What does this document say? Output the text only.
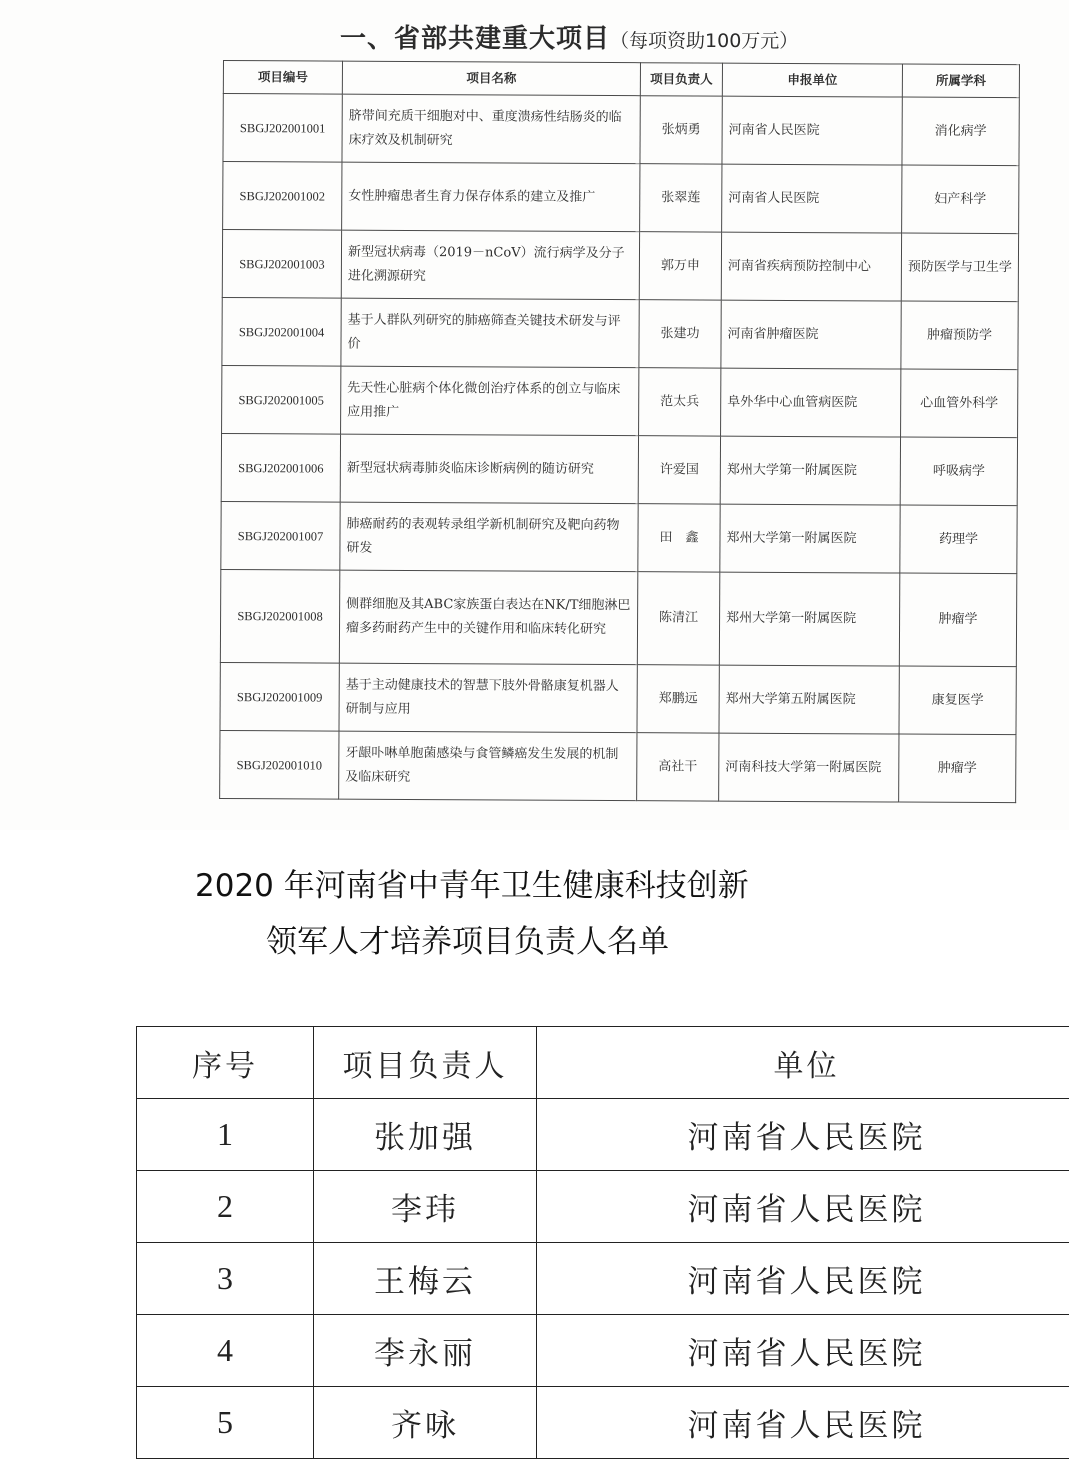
一、省部共建重大项目（每项资助100万元）
项目编号	项目名称	项目负责人	申报单位	所属学科
SBGJ202001001	脐带间充质干细胞对中、重度溃疡性结肠炎的临床疗效及机制研究	张炳勇	河南省人民医院	消化病学
SBGJ202001002	女性肿瘤患者生育力保存体系的建立及推广	张翠莲	河南省人民医院	妇产科学
SBGJ202001003	新型冠状病毒（2019－nCoV）流行病学及分子进化溯源研究	郭万申	河南省疾病预防控制中心	预防医学与卫生学
SBGJ202001004	基于人群队列研究的肺癌筛查关键技术研发与评价	张建功	河南省肿瘤医院	肿瘤预防学
SBGJ202001005	先天性心脏病个体化微创治疗体系的创立与临床应用推广	范太兵	阜外华中心血管病医院	心血管外科学
SBGJ202001006	新型冠状病毒肺炎临床诊断病例的随访研究	许爱国	郑州大学第一附属医院	呼吸病学
SBGJ202001007	肺癌耐药的表观转录组学新机制研究及靶向药物研发	田　鑫	郑州大学第一附属医院	药理学
SBGJ202001008	侧群细胞及其ABC家族蛋白表达在NK/T细胞淋巴瘤多药耐药产生中的关键作用和临床转化研究	陈清江	郑州大学第一附属医院	肿瘤学
SBGJ202001009	基于主动健康技术的智慧下肢外骨骼康复机器人研制与应用	郑鹏远	郑州大学第五附属医院	康复医学
SBGJ202001010	牙龈卟啉单胞菌感染与食管鳞癌发生发展的机制及临床研究	高社干	河南科技大学第一附属医院	肿瘤学
2020 年河南省中青年卫生健康科技创新
领军人才培养项目负责人名单
序号	项目负责人	单位
1	张加强	河南省人民医院
2	李玮	河南省人民医院
3	王梅云	河南省人民医院
4	李永丽	河南省人民医院
5	齐咏	河南省人民医院
